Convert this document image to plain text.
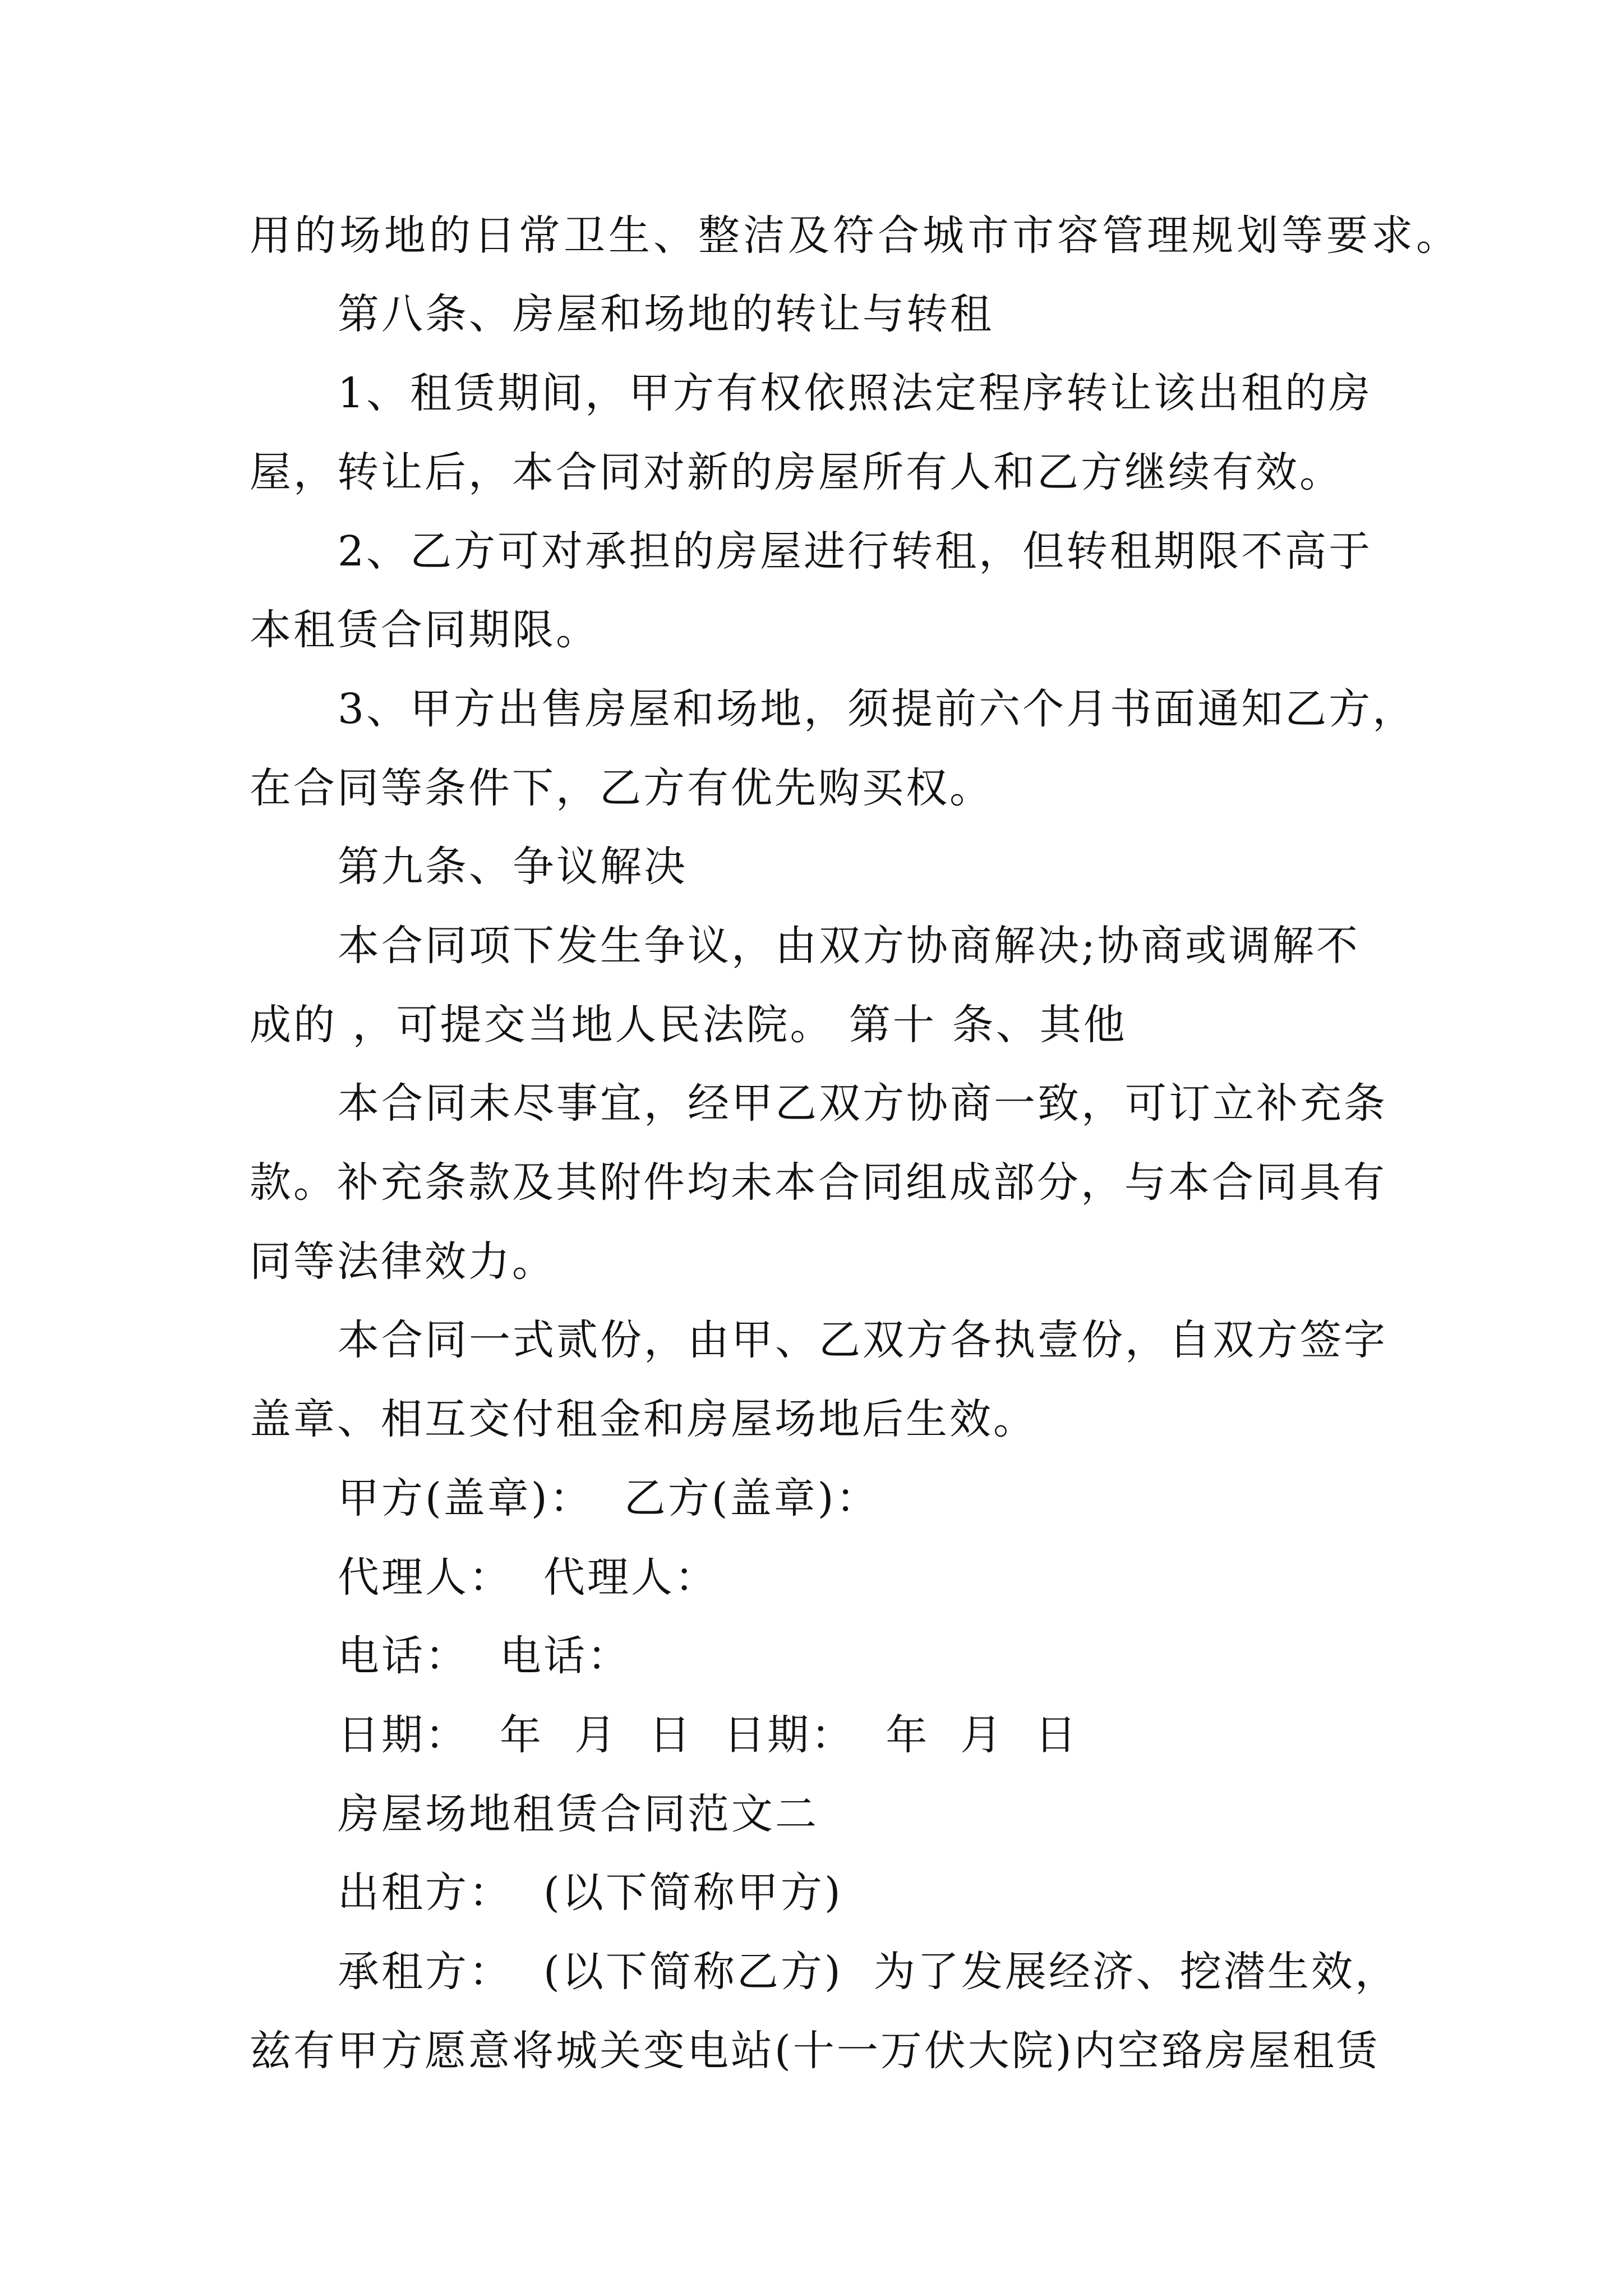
用的场地的日常卫生、整洁及符合城市市容管理规划等要求。
第八条、房屋和场地的转让与转租
1、租赁期间，甲方有权依照法定程序转让该出租的房
屋，转让后，本合同对新的房屋所有人和乙方继续有效。
2、乙方可对承担的房屋进行转租，但转租期限不高于
本租赁合同期限。
3、甲方出售房屋和场地，须提前六个月书面通知乙方，
在合同等条件下，乙方有优先购买权。
第九条、争议解决
本合同项下发生争议，由双方协商解决;协商或调解不
成的 ，可提交当地人民法院。 第十 条、其他
本合同未尽事宜，经甲乙双方协商一致，可订立补充条
款。补充条款及其附件均未本合同组成部分，与本合同具有
同等法律效力。
本合同一式贰份，由甲、乙双方各执壹份，自双方签字
盖章、相互交付租金和房屋场地后生效。
甲方(盖章)：  乙方(盖章)：
代理人：  代理人：
电话：  电话：
日期：  年  月  日  日期：  年  月  日
房屋场地租赁合同范文二
出租方：  (以下简称甲方)
承租方：  (以下简称乙方)  为了发展经济、挖潜生效，
兹有甲方愿意将城关变电站(十一万伏大院)内空臵房屋租赁
